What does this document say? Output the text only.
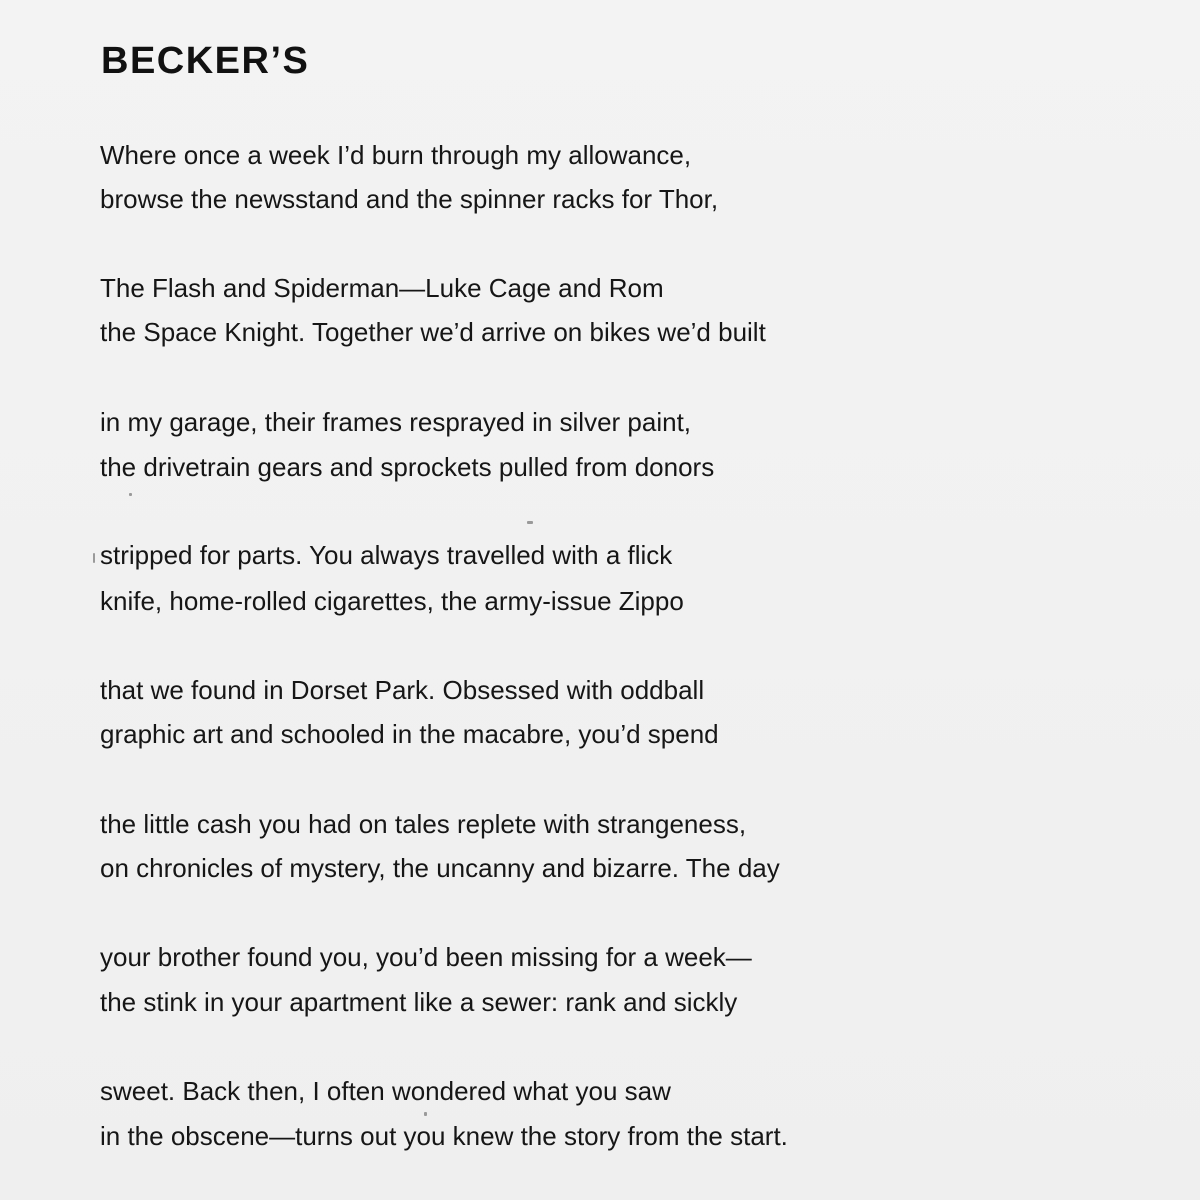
BECKER’S

Where once a week I’d burn through my allowance,

browse the newsstand and the spinner racks for Thor,

The Flash and Spiderman—Luke Cage and Rom

the Space Knight. Together we’d arrive on bikes we’d built

in my garage, their frames resprayed in silver paint,

the drivetrain gears and sprockets pulled from donors

stripped for parts. You always travelled with a flick

knife, home-rolled cigarettes, the army-issue Zippo

that we found in Dorset Park. Obsessed with oddball

graphic art and schooled in the macabre, you’d spend

the little cash you had on tales replete with strangeness,

on chronicles of mystery, the uncanny and bizarre. The day

your brother found you, you’d been missing for a week—

the stink in your apartment like a sewer: rank and sickly

sweet. Back then, I often wondered what you saw

in the obscene—turns out you knew the story from the start.
